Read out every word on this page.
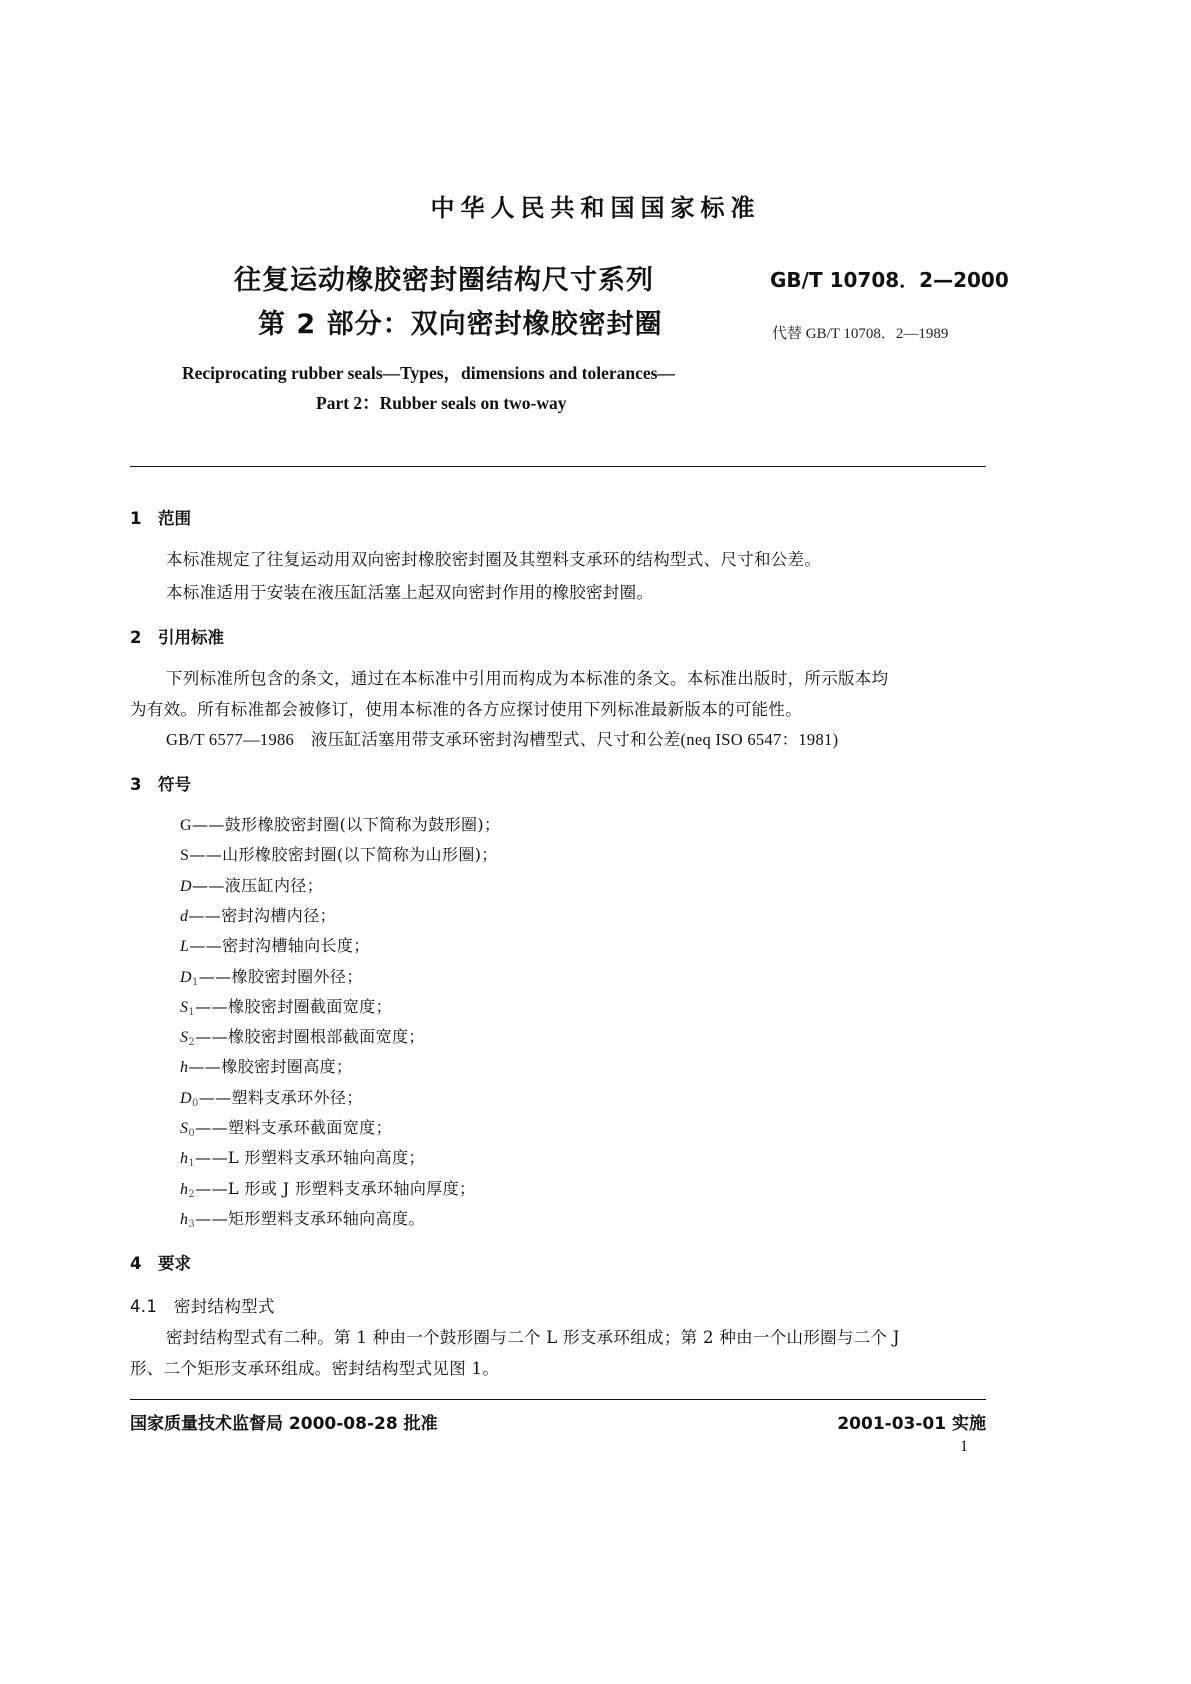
中华人民共和国国家标准
往复运动橡胶密封圈结构尺寸系列
第 2 部分：双向密封橡胶密封圈
GB/T 10708．2—2000
代替 GB/T 10708．2—1989
Reciprocating rubber seals—Types，dimensions and tolerances—
Part 2：Rubber seals on two-way
1　范围
本标准规定了往复运动用双向密封橡胶密封圈及其塑料支承环的结构型式、尺寸和公差。
本标准适用于安装在液压缸活塞上起双向密封作用的橡胶密封圈。
2　引用标准
下列标准所包含的条文，通过在本标准中引用而构成为本标准的条文。本标准出版时，所示版本均
为有效。所有标准都会被修订，使用本标准的各方应探讨使用下列标准最新版本的可能性。
GB/T 6577—1986　液压缸活塞用带支承环密封沟槽型式、尺寸和公差(neq ISO 6547：1981)
3　符号
G——鼓形橡胶密封圈(以下简称为鼓形圈)；
S——山形橡胶密封圈(以下简称为山形圈)；
D——液压缸内径；
d——密封沟槽内径；
L——密封沟槽轴向长度；
$D_1——$橡胶密封圈外径；
$S_1——$橡胶密封圈截面宽度；
$S_2——$橡胶密封圈根部截面宽度；
h——橡胶密封圈高度；
$D_0——$塑料支承环外径；
$S_0——$塑料支承环截面宽度；
$h_1——L$ 形塑料支承环轴向高度；
$h_2——L$ 形或 J 形塑料支承环轴向厚度；
$h_3——$矩形塑料支承环轴向高度。
4　要求
4.1　密封结构型式
密封结构型式有二种。第 1 种由一个鼓形圈与二个 L 形支承环组成；第 2 种由一个山形圈与二个 J
形、二个矩形支承环组成。密封结构型式见图 1。
国家质量技术监督局 2000-08-28 批准	2001-03-01 实施
1
